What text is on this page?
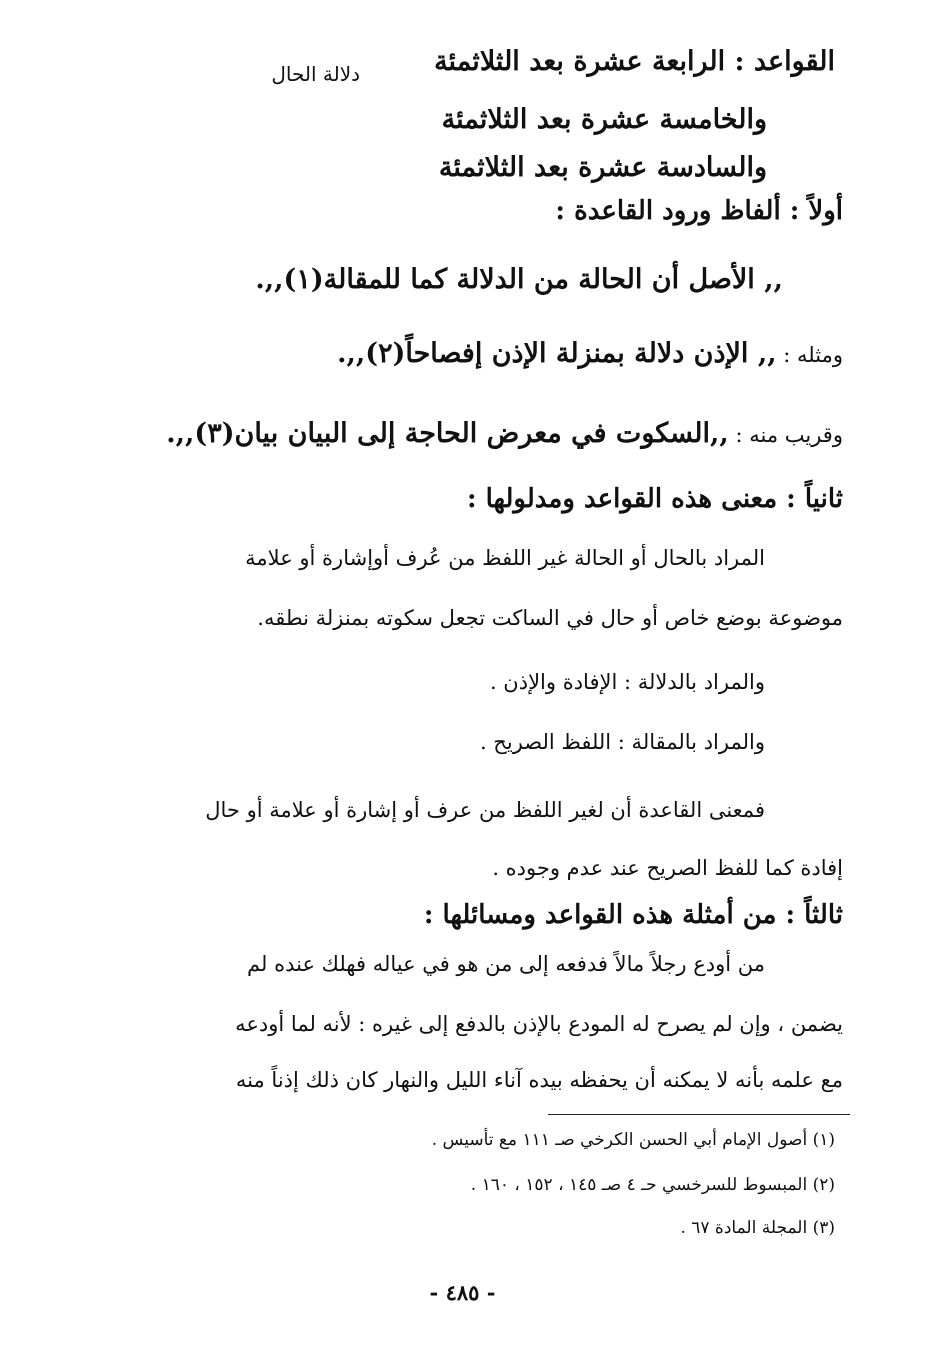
دلالة الحال	القواعد : الرابعة عشرة بعد الثلاثمئة
والخامسة عشرة بعد الثلاثمئة
والسادسة عشرة بعد الثلاثمئة
أولاً : ألفاظ ورود القاعدة :
,, الأصل أن الحالة من الدلالة كما للمقالة(١),,.
ومثله : ,, الإذن دلالة بمنزلة الإذن إفصاحاً(٢),,.
وقريب منه : ,,السكوت في معرض الحاجة إلى البيان بيان(٣),,.
ثانياً : معنى هذه القواعد ومدلولها :
المراد بالحال أو الحالة غير اللفظ من عُرف أوإشارة أو علامة
موضوعة بوضع خاص أو حال في الساكت تجعل سكوته بمنزلة نطقه.
والمراد بالدلالة : الإفادة والإذن .
والمراد بالمقالة : اللفظ الصريح .
فمعنى القاعدة أن لغير اللفظ من عرف أو إشارة أو علامة أو حال
إفادة كما للفظ الصريح عند عدم وجوده .
ثالثاً : من أمثلة هذه القواعد ومسائلها :
من أودع رجلاً مالاً فدفعه إلى من هو في عياله فهلك عنده لم
يضمن ، وإن لم يصرح له المودع بالإذن بالدفع إلى غيره : لأنه لما أودعه
مع علمه بأنه لا يمكنه أن يحفظه بيده آناء الليل والنهار كان ذلك إذناً منه
(١) أصول الإمام أبي الحسن الكرخي صـ ١١١ مع تأسيس .
(٢) المبسوط للسرخسي حـ ٤ صـ ١٤٥ ، ١٥٢ ، ١٦٠ .
(٣) المجلة المادة ٦٧ .
- ٤٨٥ -
